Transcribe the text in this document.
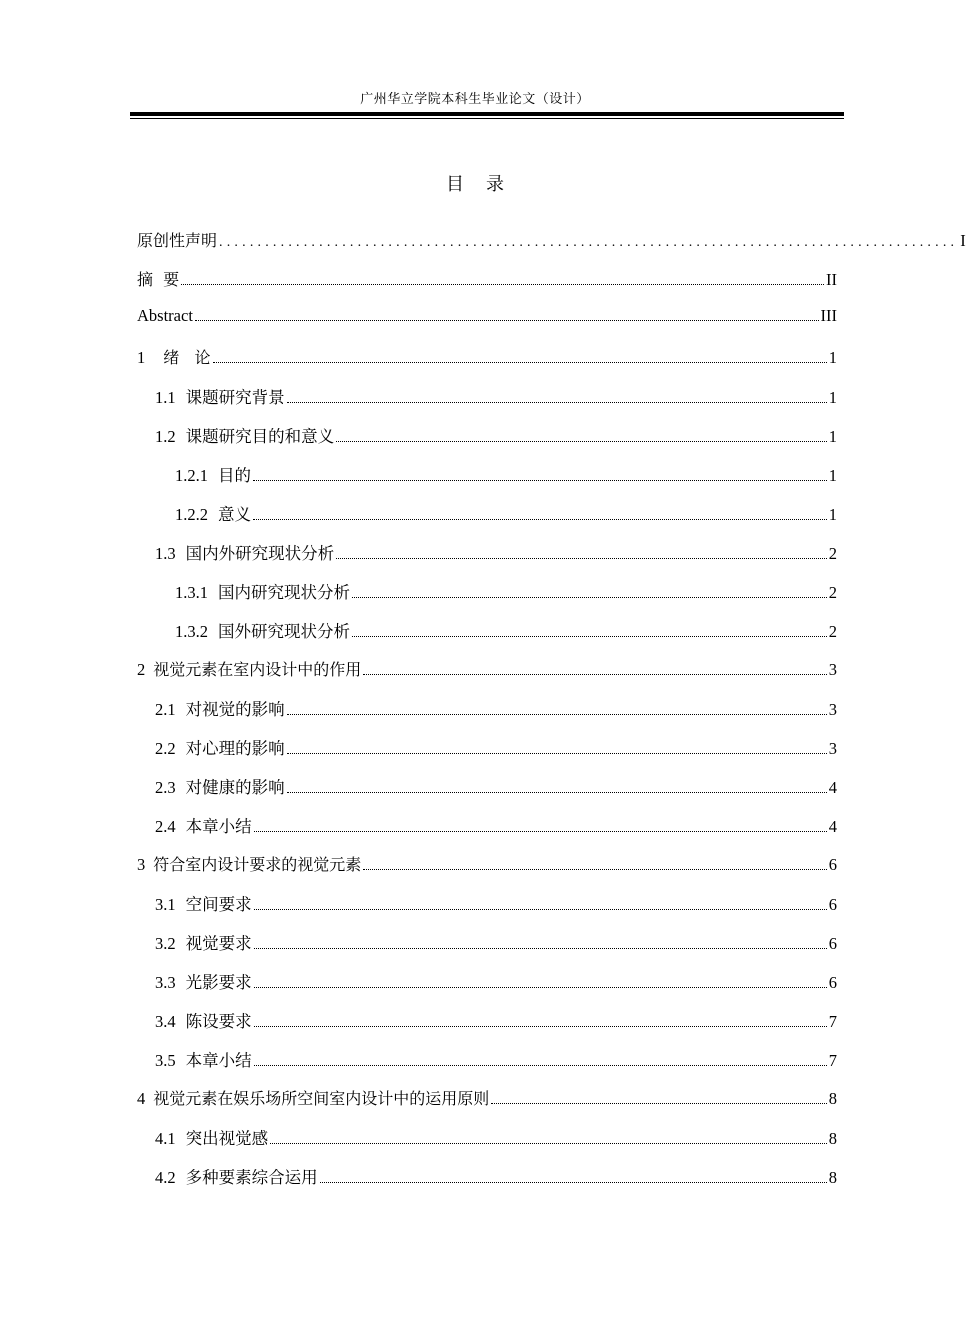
广州华立学院本科生毕业论文（设计）
目录
原创性声明 ................................................................................................ I
摘  要	II
Abstract	III
1 绪   论	1
1.1 课题研究背景	1
1.2 课题研究目的和意义	1
1.2.1 目的	1
1.2.2 意义	1
1.3 国内外研究现状分析	2
1.3.1 国内研究现状分析	2
1.3.2 国外研究现状分析	2
2 视觉元素在室内设计中的作用	3
2.1 对视觉的影响	3
2.2 对心理的影响	3
2.3 对健康的影响	4
2.4 本章小结	4
3 符合室内设计要求的视觉元素	6
3.1 空间要求	6
3.2 视觉要求	6
3.3 光影要求	6
3.4 陈设要求	7
3.5 本章小结	7
4 视觉元素在娱乐场所空间室内设计中的运用原则	8
4.1 突出视觉感	8
4.2 多种要素综合运用	8
